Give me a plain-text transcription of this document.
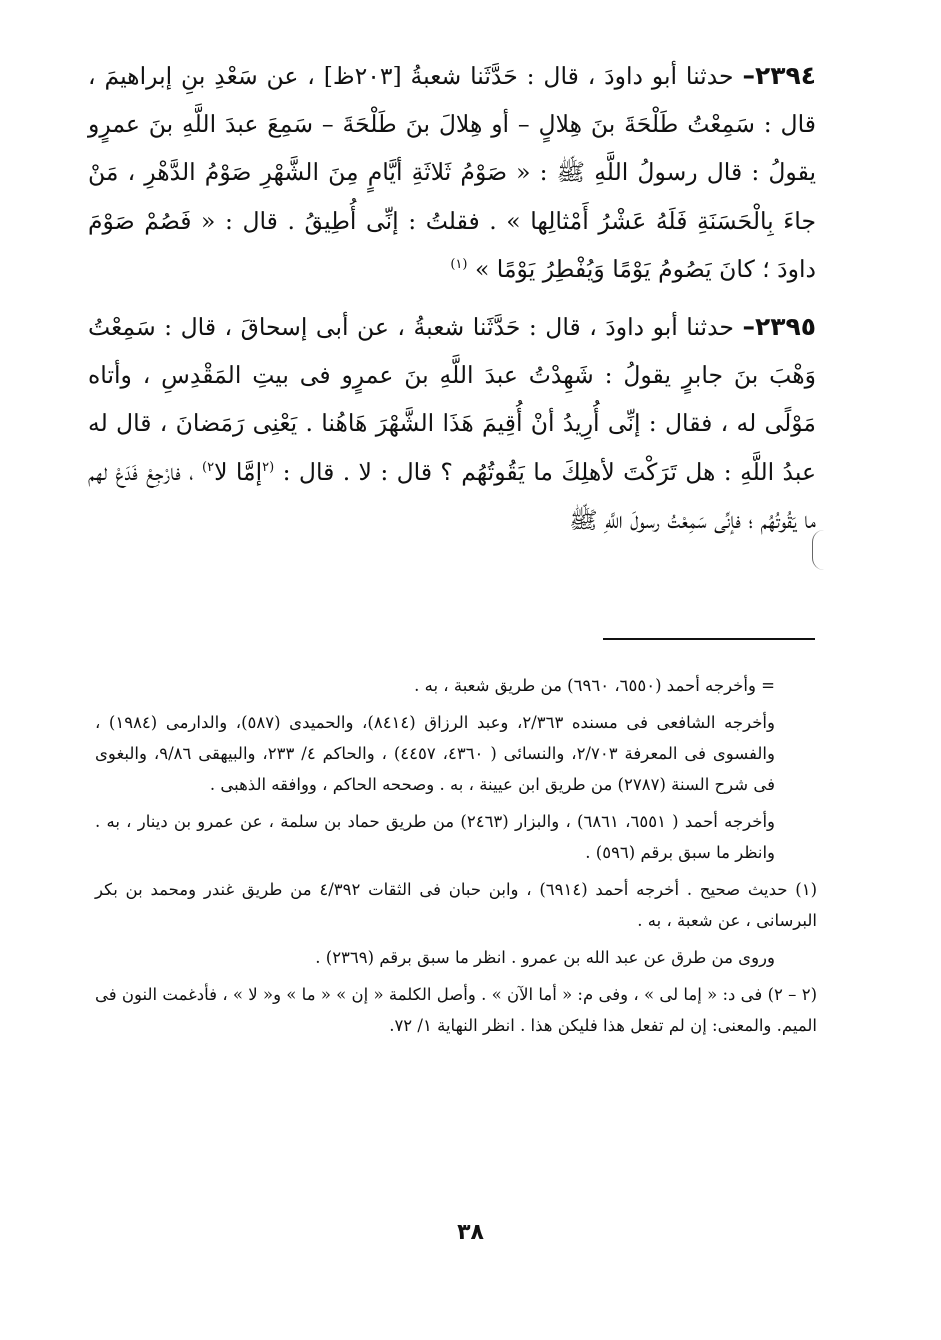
٢٣٩٤– حدثنا أبو داودَ ، قال : حَدَّثَنا شعبةُ [٢٠٣ظ] ، عن سَعْدِ بنِ إبراهيمَ ، قال : سَمِعْتُ طَلْحَةَ بنَ هِلالٍ – أو هِلالَ بنَ طَلْحَةَ – سَمِعَ عبدَ اللَّهِ بنَ عمرٍو يقولُ : قال رسولُ اللَّهِ ﷺ : « صَوْمُ ثَلاثَةِ أيَّامٍ مِنَ الشَّهْرِ صَوْمُ الدَّهْرِ ، مَنْ جاءَ بِالْحَسَنَةِ فَلَهُ عَشْرُ أَمْثالِها » . فقلتُ : إنِّى أُطِيقُ . قال : « فَصُمْ صَوْمَ داودَ ؛ كانَ يَصُومُ يَوْمًا وَيُفْطِرُ يَوْمًا » $^{(١)}$

٢٣٩٥– حدثنا أبو داودَ ، قال : حَدَّثَنا شعبةُ ، عن أبى إسحاقَ ، قال : سَمِعْتُ وَهْبَ بنَ جابرٍ يقولُ : شَهِدْتُ عبدَ اللَّهِ بنَ عمرٍو فى بيتِ المَقْدِسِ ، وأتاه مَوْلًى له ، فقال : إنِّى أُرِيدُ أنْ أُقِيمَ هَذَا الشَّهْرَ هَاهُنا . يَعْنِى رَمَضانَ ، قال له عبدُ اللَّهِ : هل تَرَكْتَ لأهلِكَ ما يَقُوتُهُم ؟ قال : لا . قال : $^{(٢}$إمَّا لا$^{٢)}$ ، فارْجِعْ فَدَعْ لهم ما يَقُوتُهُم ؛ فإنِّى سَمِعْتُ رسولَ اللَّهِ ﷺ

= وأخرجه أحمد (٦٥٥٠، ٦٩٦٠) من طريق شعبة ، به .

وأخرجه الشافعى فى مسنده ٢/٣٦٣، وعبد الرزاق (٨٤١٤)، والحميدى (٥٨٧)، والدارمى (١٩٨٤) ، والفسوى فى المعرفة ٢/٧٠٣، والنسائى ( ٤٣٦٠، ٤٤٥٧) ، والحاكم ٤/ ٢٣٣، والبيهقى ٩/٨٦، والبغوى فى شرح السنة (٢٧٨٧) من طريق ابن عيينة ، به . وصححه الحاكم ، ووافقه الذهبى .

وأخرجه أحمد ( ٦٥٥١، ٦٨٦١) ، والبزار (٢٤٦٣) من طريق حماد بن سلمة ، عن عمرو بن دينار ، به . وانظر ما سبق برقم (٥٩٦) .

(١) حديث صحيح . أخرجه أحمد (٦٩١٤) ، وابن حبان فى الثقات ٤/٣٩٢ من طريق غندر ومحمد بن بكر البرسانى ، عن شعبة ، به .

وروى من طرق عن عبد الله بن عمرو . انظر ما سبق برقم (٢٣٦٩) .

(٢ – ٢) فى د: « إما لى » ، وفى م: « أما الآن » . وأصل الكلمة « إن » « ما » و« لا » ، فأدغمت النون فى الميم. والمعنى: إن لم تفعل هذا فليكن هذا . انظر النهاية ١/ ٧٢.

٣٨
